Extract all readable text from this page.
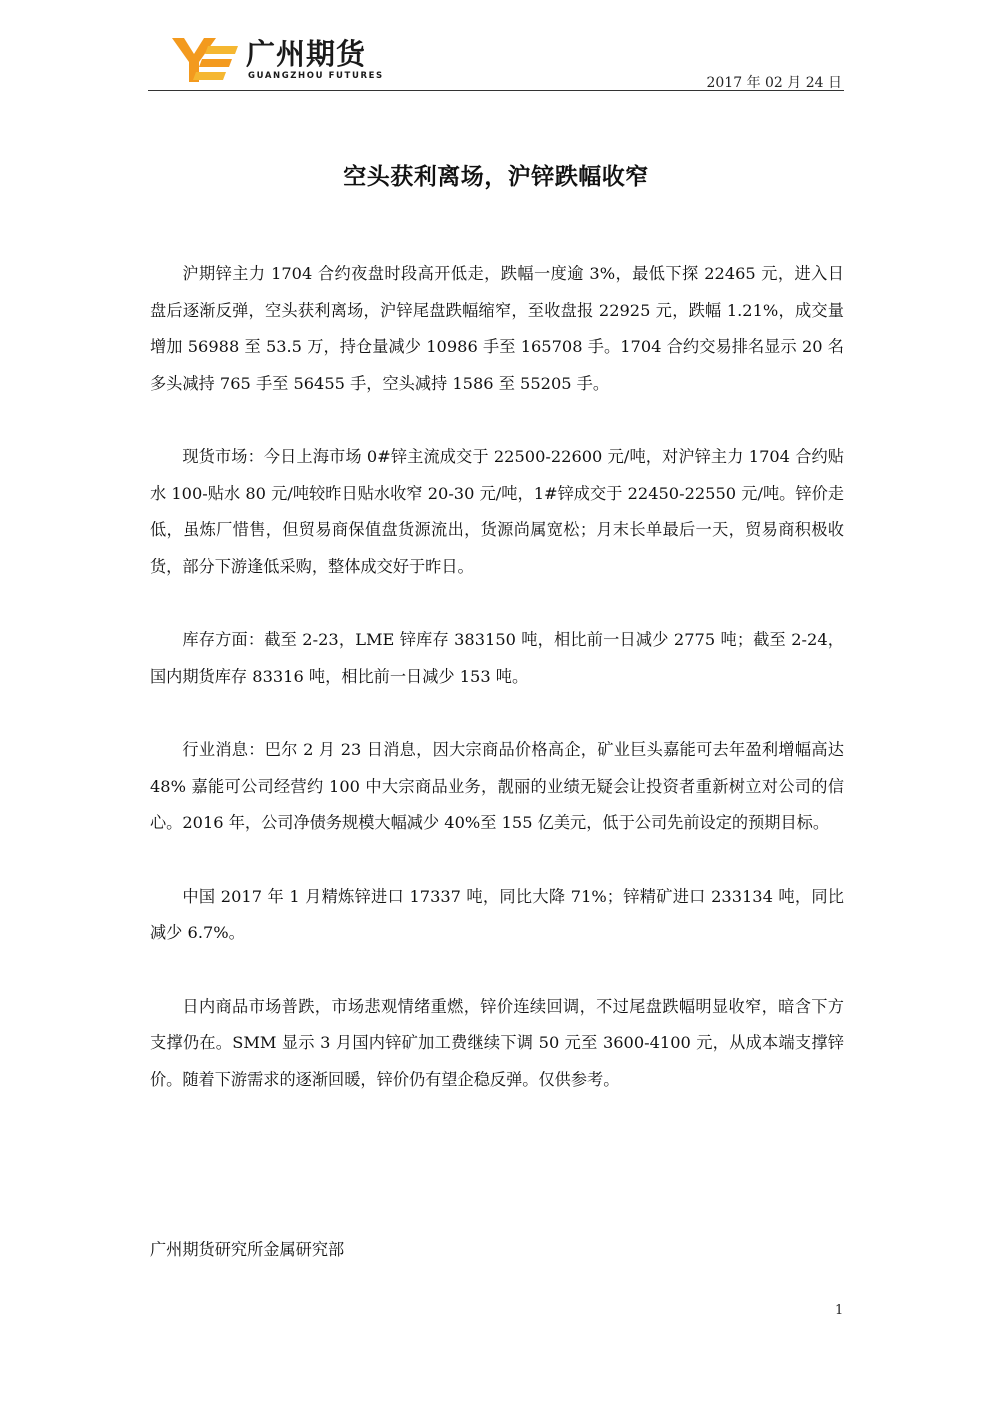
广州期货
GUANGZHOU FUTURES	2017 年 02 月 24 日
空头获利离场，沪锌跌幅收窄

沪期锌主力 1704 合约夜盘时段高开低走，跌幅一度逾 3%，最低下探 22465 元，进入日盘后逐渐反弹，空头获利离场，沪锌尾盘跌幅缩窄，至收盘报 22925 元，跌幅 1.21%，成交量增加 56988 至 53.5 万，持仓量减少 10986 手至 165708 手。1704 合约交易排名显示 20 名多头减持 765 手至 56455 手，空头减持 1586 至 55205 手。

现货市场：今日上海市场 0#锌主流成交于 22500-22600 元/吨，对沪锌主力 1704 合约贴水 100-贴水 80 元/吨较昨日贴水收窄 20-30 元/吨，1#锌成交于 22450-22550 元/吨。锌价走低，虽炼厂惜售，但贸易商保值盘货源流出，货源尚属宽松；月末长单最后一天，贸易商积极收货，部分下游逢低采购，整体成交好于昨日。

库存方面：截至 2-23，LME 锌库存 383150 吨，相比前一日减少 2775 吨；截至 2-24，国内期货库存 83316 吨，相比前一日减少 153 吨。

行业消息：巴尔 2 月 23 日消息，因大宗商品价格高企，矿业巨头嘉能可去年盈利增幅高达 48% 嘉能可公司经营约 100 中大宗商品业务，靓丽的业绩无疑会让投资者重新树立对公司的信心。2016 年，公司净债务规模大幅减少 40%至 155 亿美元，低于公司先前设定的预期目标。

中国 2017 年 1 月精炼锌进口 17337 吨，同比大降 71%；锌精矿进口 233134 吨，同比减少 6.7%。

日内商品市场普跌，市场悲观情绪重燃，锌价连续回调，不过尾盘跌幅明显收窄，暗含下方支撑仍在。SMM 显示 3 月国内锌矿加工费继续下调 50 元至 3600-4100 元，从成本端支撑锌价。随着下游需求的逐渐回暖，锌价仍有望企稳反弹。仅供参考。

广州期货研究所金属研究部
1
